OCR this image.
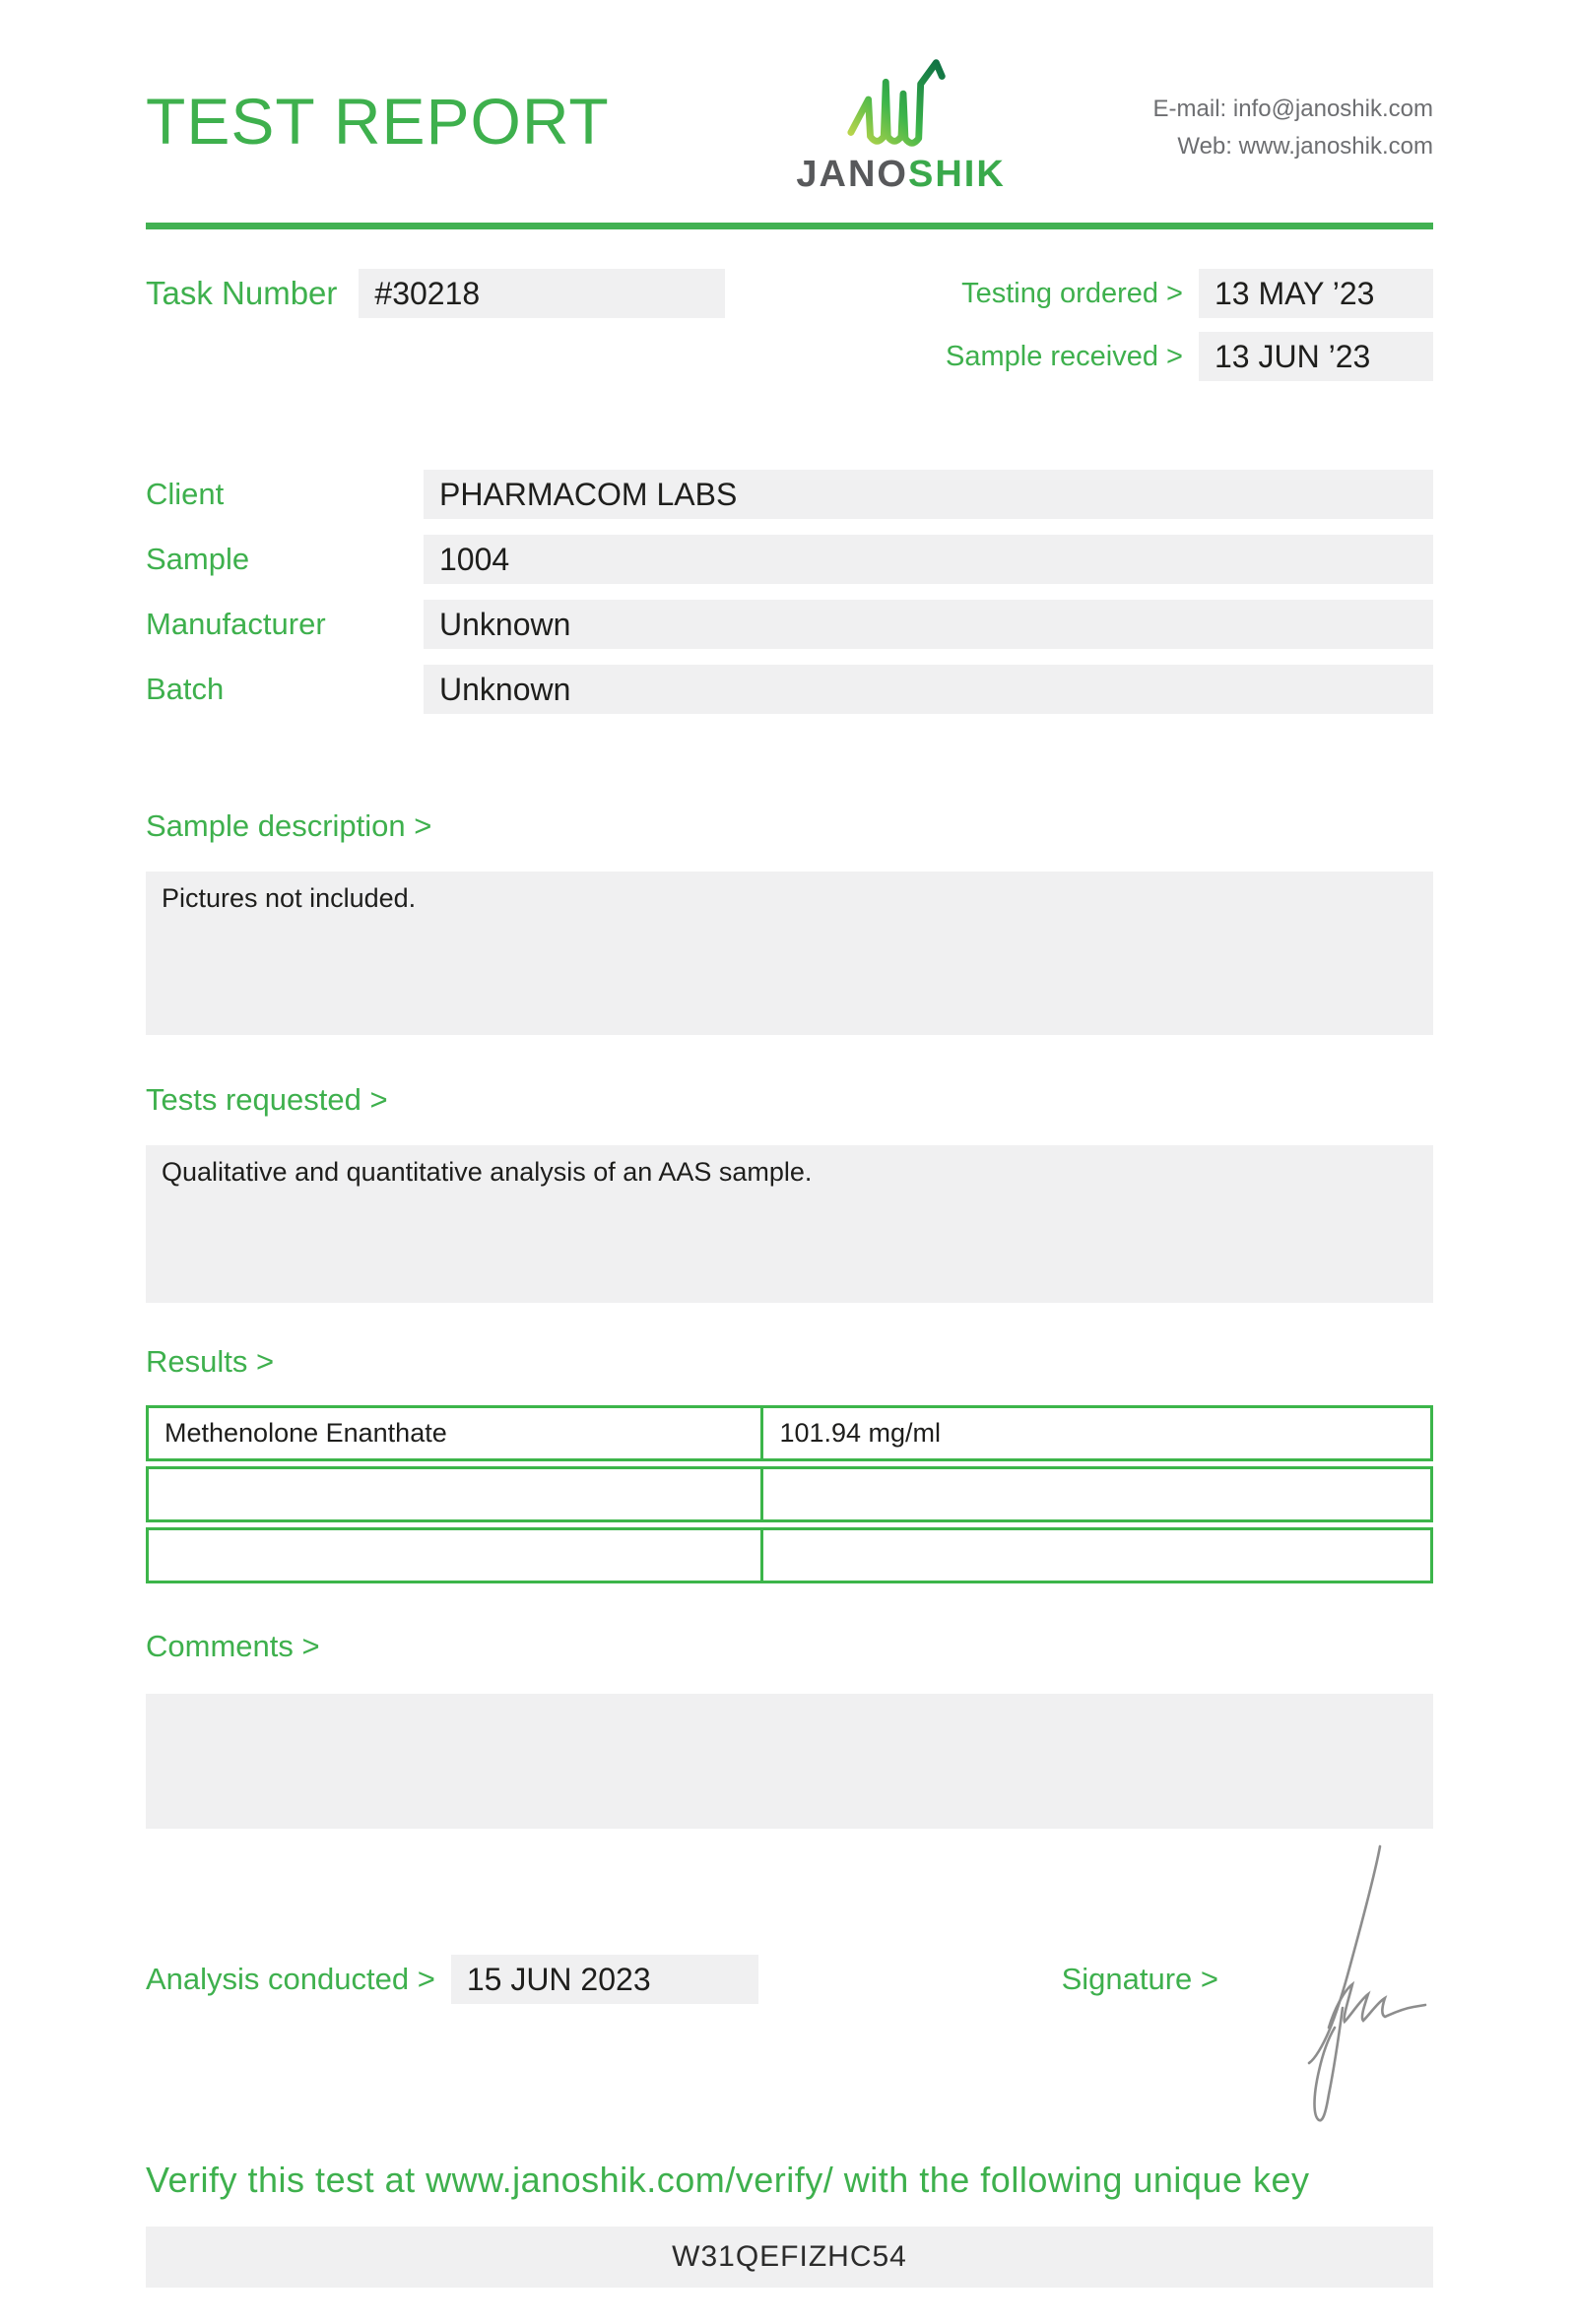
TEST REPORT
JANOSHIK
E-mail: info@janoshik.com
Web: www.janoshik.com
Task Number	#30218	Testing ordered >	13 MAY ’23
Sample received >	13 JUN ’23
Client	PHARMACOM LABS
Sample	1004
Manufacturer	Unknown
Batch	Unknown
Sample description >
Pictures not included.
Tests requested >
Qualitative and quantitative analysis of an AAS sample.
Results >
Methenolone Enanthate	101.94 mg/ml
Comments >
Analysis conducted >	15 JUN 2023	Signature >
Verify this test at www.janoshik.com/verify/ with the following unique key
W31QEFIZHC54
